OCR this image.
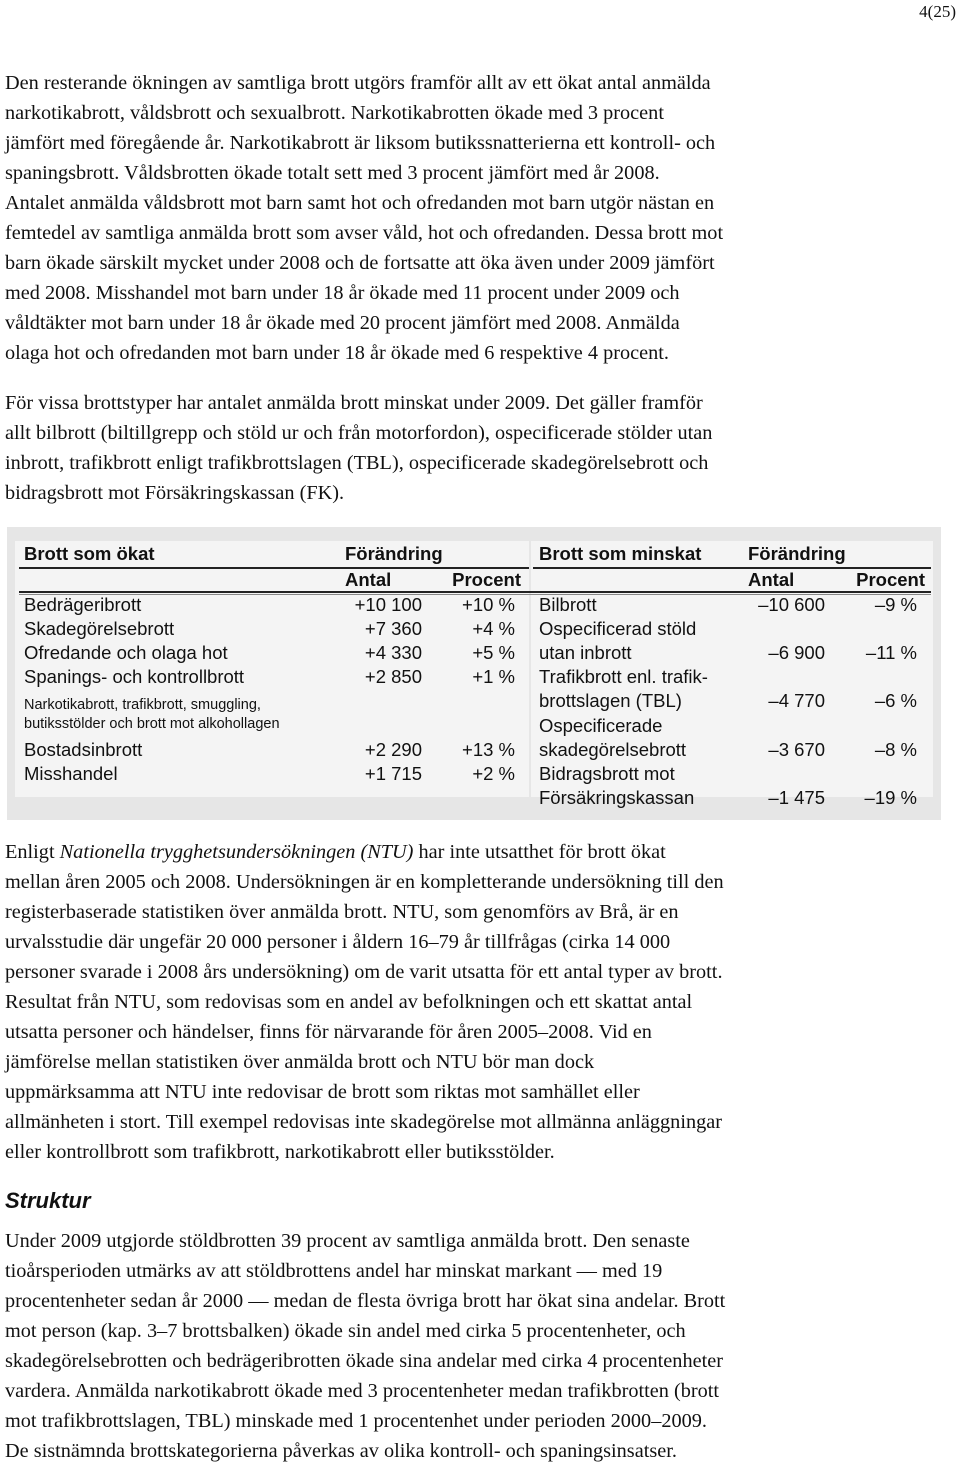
4(25)

Den resterande ökningen av samtliga brott utgörs framför allt av ett ökat antal anmälda
narkotikabrott, våldsbrott och sexualbrott. Narkotikabrotten ökade med 3 procent
jämfört med föregående år. Narkotikabrott är liksom butikssnatterierna ett kontroll- och
spaningsbrott. Våldsbrotten ökade totalt sett med 3 procent jämfört med år 2008.
Antalet anmälda våldsbrott mot barn samt hot och ofredanden mot barn utgör nästan en
femtedel av samtliga anmälda brott som avser våld, hot och ofredanden. Dessa brott mot
barn ökade särskilt mycket under 2008 och de fortsatte att öka även under 2009 jämfört
med 2008. Misshandel mot barn under 18 år ökade med 11 procent under 2009 och
våldtäkter mot barn under 18 år ökade med 20 procent jämfört med 2008. Anmälda
olaga hot och ofredanden mot barn under 18 år ökade med 6 respektive 4 procent.

För vissa brottstyper har antalet anmälda brott minskat under 2009. Det gäller framför
allt bilbrott (biltillgrepp och stöld ur och från motorfordon), ospecificerade stölder utan
inbrott, trafikbrott enligt trafikbrottslagen (TBL), ospecificerade skadegörelsebrott och
bidragsbrott mot Försäkringskassan (FK).

Brott som ökat	Förändring	Brott som minskat	Förändring
Antal	Procent	Antal	Procent
Bedrägeribrott	+10 100	+10 %
Skadegörelsebrott	+7 360	+4 %
Ofredande och olaga hot	+4 330	+5 %
Spanings- och kontrollbrott	+2 850	+1 %
Narkotikabrott, trafikbrott, smuggling,
butiksstölder och brott mot alkohollagen
Bostadsinbrott	+2 290	+13 %
Misshandel	+1 715	+2 %
Bilbrott	–10 600	–9 %
Ospecificerad stöld
utan inbrott	–6 900	–11 %
Trafikbrott enl. trafik-
brottslagen (TBL)	–4 770	–6 %
Ospecificerade
skadegörelsebrott	–3 670	–8 %
Bidragsbrott mot
Försäkringskassan	–1 475	–19 %

Enligt Nationella trygghetsundersökningen (NTU) har inte utsatthet för brott ökat
mellan åren 2005 och 2008. Undersökningen är en kompletterande undersökning till den
registerbaserade statistiken över anmälda brott. NTU, som genomförs av Brå, är en
urvalsstudie där ungefär 20 000 personer i åldern 16–79 år tillfrågas (cirka 14 000
personer svarade i 2008 års undersökning) om de varit utsatta för ett antal typer av brott.
Resultat från NTU, som redovisas som en andel av befolkningen och ett skattat antal
utsatta personer och händelser, finns för närvarande för åren 2005–2008. Vid en
jämförelse mellan statistiken över anmälda brott och NTU bör man dock
uppmärksamma att NTU inte redovisar de brott som riktas mot samhället eller
allmänheten i stort. Till exempel redovisas inte skadegörelse mot allmänna anläggningar
eller kontrollbrott som trafikbrott, narkotikabrott eller butiksstölder.

Struktur

Under 2009 utgjorde stöldbrotten 39 procent av samtliga anmälda brott. Den senaste
tioårsperioden utmärks av att stöldbrottens andel har minskat markant — med 19
procentenheter sedan år 2000 — medan de flesta övriga brott har ökat sina andelar. Brott
mot person (kap. 3–7 brottsbalken) ökade sin andel med cirka 5 procentenheter, och
skadegörelsebrotten och bedrägeribrotten ökade sina andelar med cirka 4 procentenheter
vardera. Anmälda narkotikabrott ökade med 3 procentenheter medan trafikbrotten (brott
mot trafikbrottslagen, TBL) minskade med 1 procentenhet under perioden 2000–2009.
De sistnämnda brottskategorierna påverkas av olika kontroll- och spaningsinsatser.
